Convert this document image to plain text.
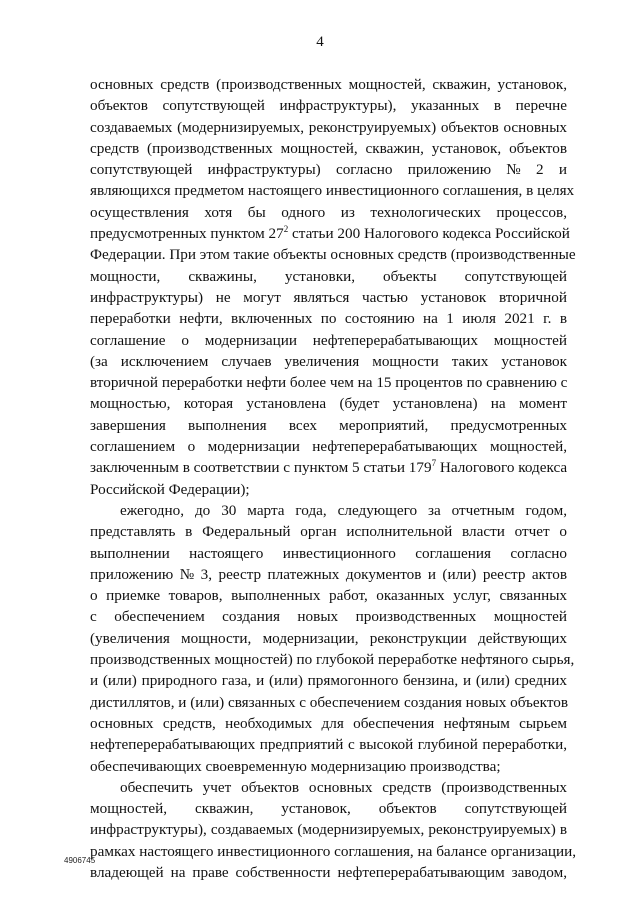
4
основных средств (производственных мощностей, скважин, установок,
объектов сопутствующей инфраструктуры), указанных в перечне
создаваемых (модернизируемых, реконструируемых) объектов основных
средств (производственных мощностей, скважин, установок, объектов
сопутствующей инфраструктуры) согласно приложению № 2 и
являющихся предметом настоящего инвестиционного соглашения, в целях
осуществления хотя бы одного из технологических процессов,
предусмотренных пунктом $27^2$ статьи 200 Налогового кодекса Российской
Федерации. При этом такие объекты основных средств (производственные
мощности, скважины, установки, объекты сопутствующей
инфраструктуры) не могут являться частью установок вторичной
переработки нефти, включенных по состоянию на 1 июля 2021 г. в
соглашение о модернизации нефтеперерабатывающих мощностей
(за исключением случаев увеличения мощности таких установок
вторичной переработки нефти более чем на 15 процентов по сравнению с
мощностью, которая установлена (будет установлена) на момент
завершения выполнения всех мероприятий, предусмотренных
соглашением о модернизации нефтеперерабатывающих мощностей,
заключенным в соответствии с пунктом 5 статьи $179^7$ Налогового кодекса
Российской Федерации);
ежегодно, до 30 марта года, следующего за отчетным годом,
представлять в Федеральный орган исполнительной власти отчет о
выполнении настоящего инвестиционного соглашения согласно
приложению № 3, реестр платежных документов и (или) реестр актов
о приемке товаров, выполненных работ, оказанных услуг, связанных
с обеспечением создания новых производственных мощностей
(увеличения мощности, модернизации, реконструкции действующих
производственных мощностей) по глубокой переработке нефтяного сырья,
и (или) природного газа, и (или) прямогонного бензина, и (или) средних
дистиллятов, и (или) связанных с обеспечением создания новых объектов
основных средств, необходимых для обеспечения нефтяным сырьем
нефтеперерабатывающих предприятий с высокой глубиной переработки,
обеспечивающих своевременную модернизацию производства;
обеспечить учет объектов основных средств (производственных
мощностей, скважин, установок, объектов сопутствующей
инфраструктуры), создаваемых (модернизируемых, реконструируемых) в
рамках настоящего инвестиционного соглашения, на балансе организации,
владеющей на праве собственности нефтеперерабатывающим заводом,
4906745
